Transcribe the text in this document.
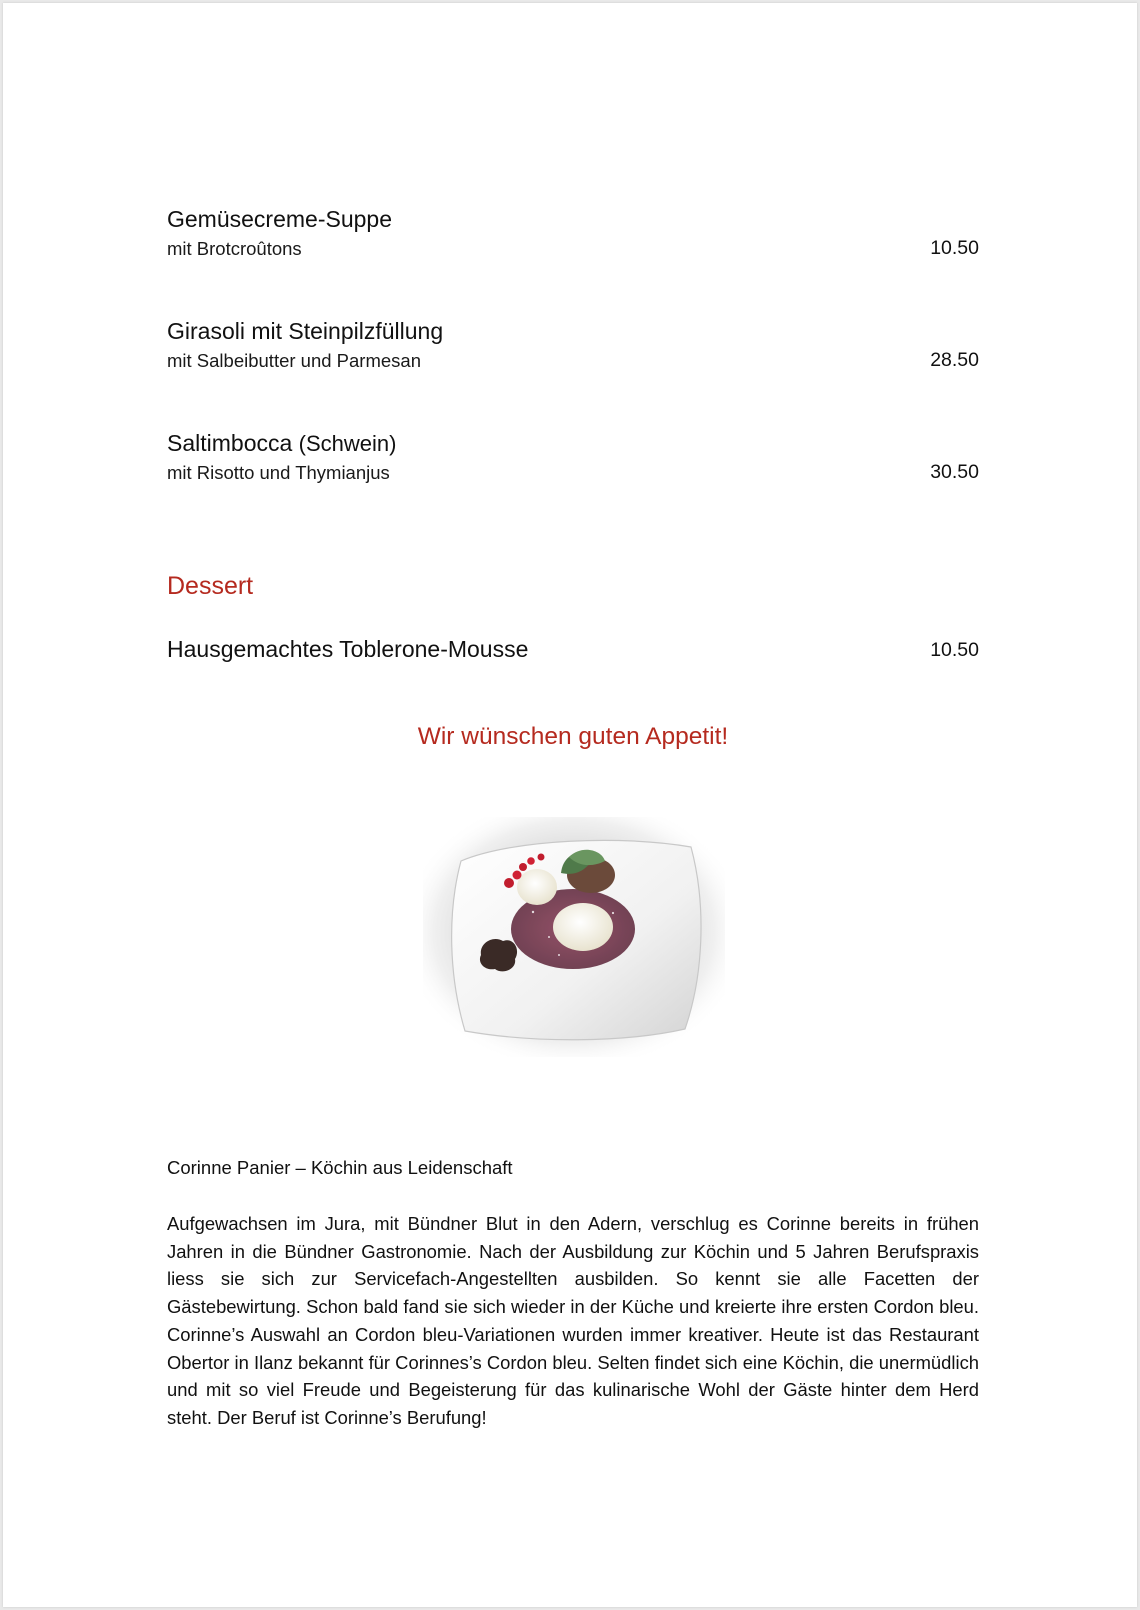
Gemüsecreme-Suppe
mit Brotcroûtons	10.50
Girasoli mit Steinpilzfüllung
mit Salbeibutter und Parmesan	28.50
Saltimbocca (Schwein)
mit Risotto und Thymianjus	30.50
Dessert
Hausgemachtes Toblerone-Mousse	10.50
Wir wünschen guten Appetit!
Corinne Panier – Köchin aus Leidenschaft

Aufgewachsen im Jura, mit Bündner Blut in den Adern, verschlug es Corinne bereits in frühen Jahren in die Bündner Gastronomie. Nach der Ausbildung zur Köchin und 5 Jahren Berufspraxis liess sie sich zur Servicefach-Angestellten ausbilden. So kennt sie alle Facetten der Gästebewirtung. Schon bald fand sie sich wieder in der Küche und kreierte ihre ersten Cordon bleu. Corinne’s Auswahl an Cordon bleu-Variationen wurden immer kreativer. Heute ist das Restaurant Obertor in Ilanz bekannt für Corinnes’s Cordon bleu. Selten findet sich eine Köchin, die unermüdlich und mit so viel Freude und Begeisterung für das kulinarische Wohl der Gäste hinter dem Herd steht. Der Beruf ist Corinne’s Berufung!
